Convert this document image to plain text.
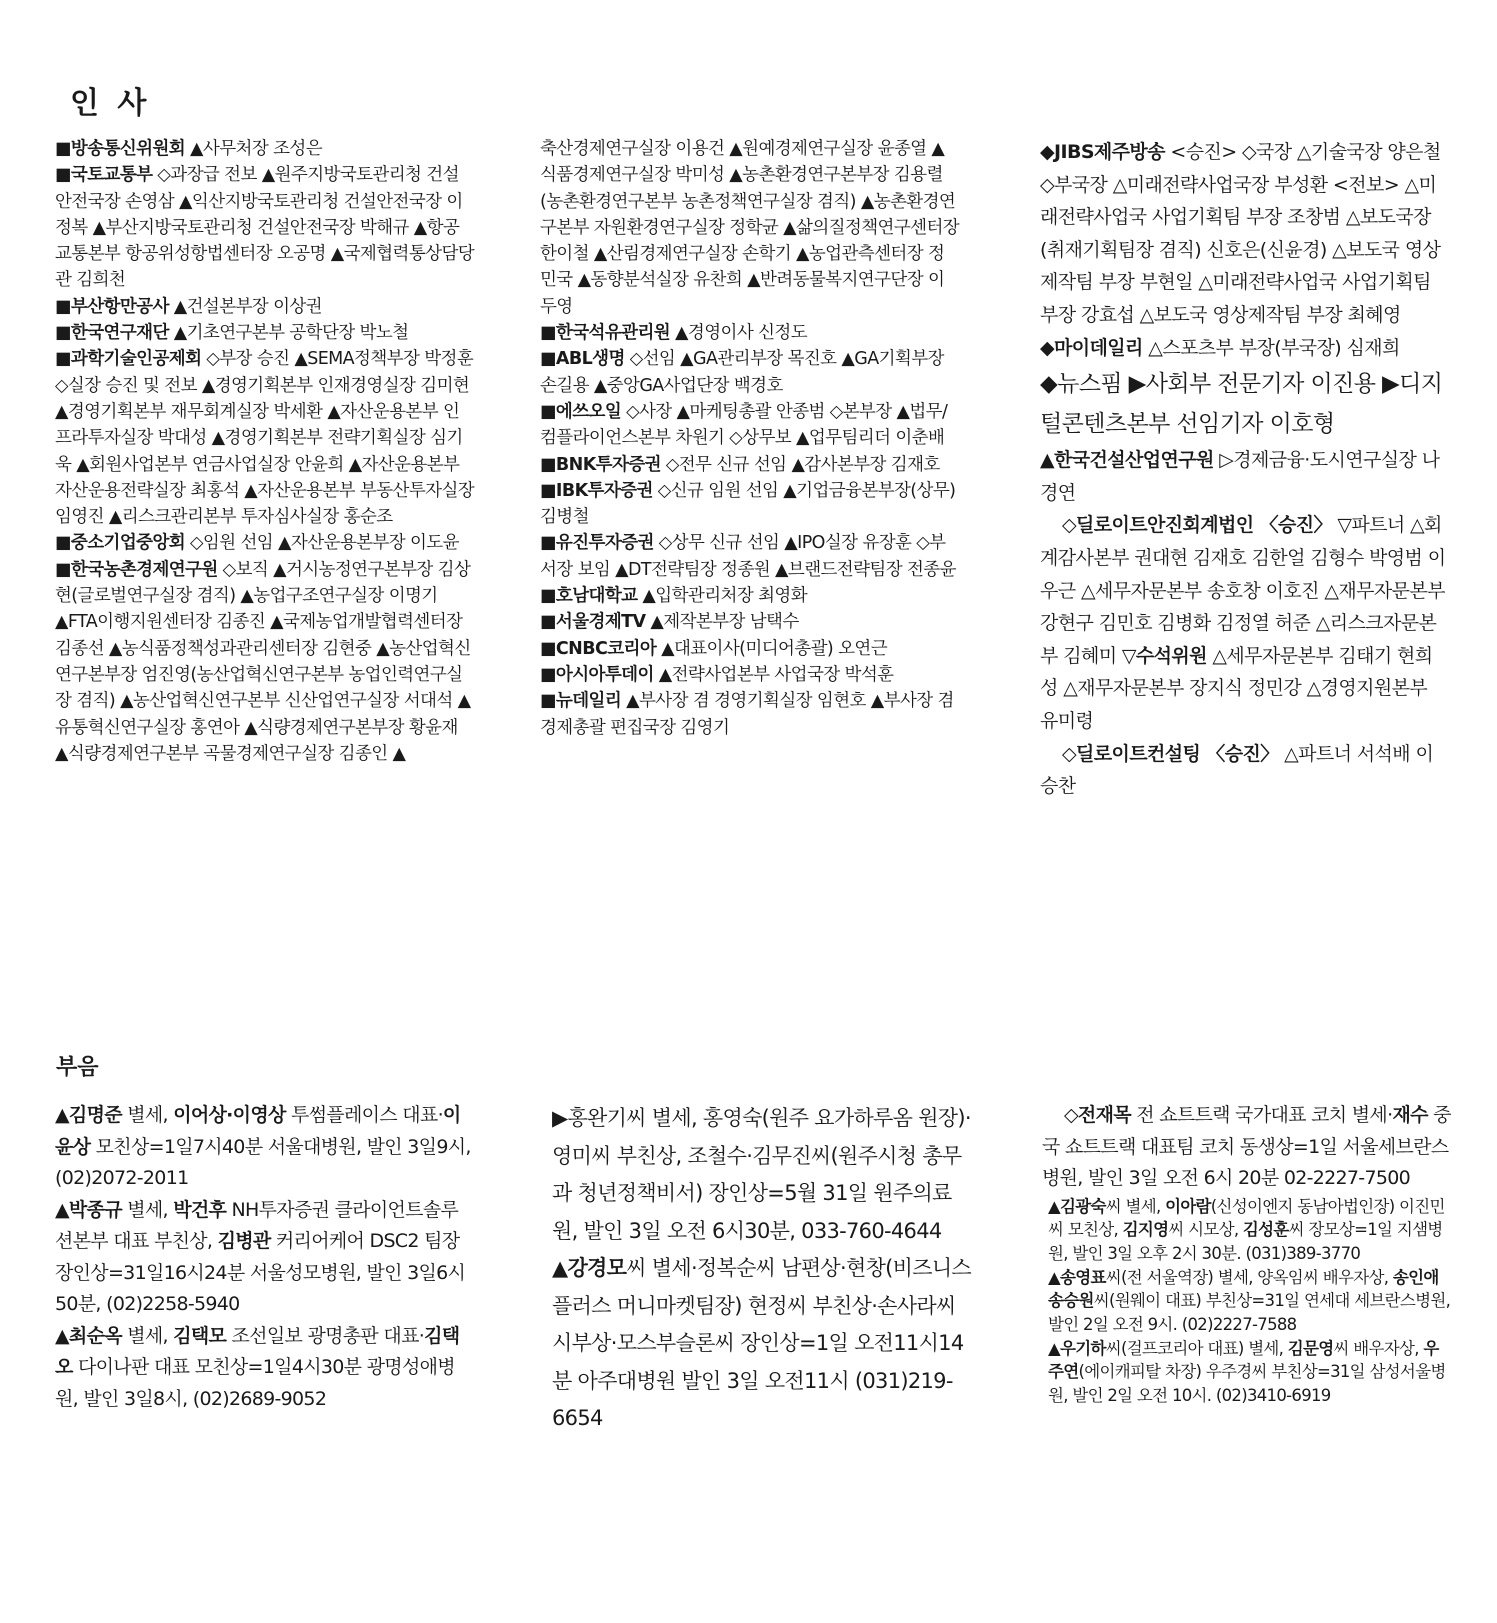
인 사

■방송통신위원회 ▲사무처장 조성은

■국토교통부 ◇과장급 전보 ▲원주지방국토관리청 건설안전국장 손영삼 ▲익산지방국토관리청 건설안전국장 이정복 ▲부산지방국토관리청 건설안전국장 박해규 ▲항공교통본부 항공위성항법센터장 오공명 ▲국제협력통상담당관 김희천

■부산항만공사 ▲건설본부장 이상권

■한국연구재단 ▲기초연구본부 공학단장 박노철

■과학기술인공제회 ◇부장 승진 ▲SEMA정책부장 박정훈 ◇실장 승진 및 전보 ▲경영기획본부 인재경영실장 김미현 ▲경영기획본부 재무회계실장 박세환 ▲자산운용본부 인프라투자실장 박대성 ▲경영기획본부 전략기획실장 심기욱 ▲회원사업본부 연금사업실장 안윤희 ▲자산운용본부 자산운용전략실장 최홍석 ▲자산운용본부 부동산투자실장 임영진 ▲리스크관리본부 투자심사실장 홍순조

■중소기업중앙회 ◇임원 선임 ▲자산운용본부장 이도윤

■한국농촌경제연구원 ◇보직 ▲거시농정연구본부장 김상현(글로벌연구실장 겸직) ▲농업구조연구실장 이명기 ▲FTA이행지원센터장 김종진 ▲국제농업개발협력센터장 김종선 ▲농식품정책성과관리센터장 김현중 ▲농산업혁신연구본부장 엄진영(농산업혁신연구본부 농업인력연구실장 겸직) ▲농산업혁신연구본부 신산업연구실장 서대석 ▲유통혁신연구실장 홍연아 ▲식량경제연구본부장 황윤재 ▲식량경제연구본부 곡물경제연구실장 김종인 ▲

축산경제연구실장 이용건 ▲원예경제연구실장 윤종열 ▲식품경제연구실장 박미성 ▲농촌환경연구본부장 김용렬(농촌환경연구본부 농촌정책연구실장 겸직) ▲농촌환경연구본부 자원환경연구실장 정학균 ▲삶의질정책연구센터장 한이철 ▲산림경제연구실장 손학기 ▲농업관측센터장 정민국 ▲동향분석실장 유찬희 ▲반려동물복지연구단장 이두영

■한국석유관리원 ▲경영이사 신정도

■ABL생명 ◇선임 ▲GA관리부장 목진호 ▲GA기획부장 손길용 ▲중앙GA사업단장 백경호

■에쓰오일 ◇사장 ▲마케팅총괄 안종범 ◇본부장 ▲법무/컴플라이언스본부 차원기 ◇상무보 ▲업무팀리더 이춘배

■BNK투자증권 ◇전무 신규 선임 ▲감사본부장 김재호

■IBK투자증권 ◇신규 임원 선임 ▲기업금융본부장(상무) 김병철

■유진투자증권 ◇상무 신규 선임 ▲IPO실장 유장훈 ◇부서장 보임 ▲DT전략팀장 정종원 ▲브랜드전략팀장 전종윤

■호남대학교 ▲입학관리처장 최영화

■서울경제TV ▲제작본부장 남택수

■CNBC코리아 ▲대표이사(미디어총괄) 오연근

■아시아투데이 ▲전략사업본부 사업국장 박석훈

■뉴데일리 ▲부사장 겸 경영기획실장 임현호 ▲부사장 겸 경제총괄 편집국장 김영기

◆JIBS제주방송 <승진> ◇국장 △기술국장 양은철 ◇부국장 △미래전략사업국장 부성환 <전보> △미래전략사업국 사업기획팀 부장 조창범 △보도국장(취재기획팀장 겸직) 신호은(신윤경) △보도국 영상제작팀 부장 부현일 △미래전략사업국 사업기획팀 부장 강효섭 △보도국 영상제작팀 부장 최혜영

◆마이데일리 △스포츠부 부장(부국장) 심재희

◆뉴스핌 ▶사회부 전문기자 이진용 ▶디지털콘텐츠본부 선임기자 이호형

▲한국건설산업연구원 ▷경제금융·도시연구실장 나경연

◇딜로이트안진회계법인 〈승진〉 ▽파트너 △회계감사본부 권대현 김재호 김한얼 김형수 박영범 이우근 △세무자문본부 송호창 이호진 △재무자문본부 강현구 김민호 김병화 김정열 허준 △리스크자문본부 김혜미 ▽수석위원 △세무자문본부 김태기 현희성 △재무자문본부 장지식 정민강 △경영지원본부 유미령

◇딜로이트컨설팅 〈승진〉 △파트너 서석배 이승찬

부음

▲김명준 별세, 이어상·이영상 투썸플레이스 대표·이윤상 모친상=1일7시40분 서울대병원, 발인 3일9시, (02)2072-2011

▲박종규 별세, 박건후 NH투자증권 클라이언트솔루션본부 대표 부친상, 김병관 커리어케어 DSC2 팀장 장인상=31일16시24분 서울성모병원, 발인 3일6시50분, (02)2258-5940

▲최순옥 별세, 김택모 조선일보 광명총판 대표·김택오 다이나판 대표 모친상=1일4시30분 광명성애병원, 발인 3일8시, (02)2689-9052

▶홍완기씨 별세, 홍영숙(원주 요가하루옴 원장)·영미씨 부친상, 조철수·김무진씨(원주시청 총무과 청년정책비서) 장인상=5월 31일 원주의료원, 발인 3일 오전 6시30분, 033-760-4644

▲강경모씨 별세·정복순씨 남편상·현창(비즈니스플러스 머니마켓팀장) 현정씨 부친상·손사라씨 시부상·모스부슬론씨 장인상=1일 오전11시14분 아주대병원 발인 3일 오전11시 (031)219-6654

◇전재목 전 쇼트트랙 국가대표 코치 별세·재수 중국 쇼트트랙 대표팀 코치 동생상=1일 서울세브란스병원, 발인 3일 오전 6시 20분 02-2227-7500

▲김광숙씨 별세, 이아람(신성이엔지 동남아법인장) 이진민씨 모친상, 김지영씨 시모상, 김성훈씨 장모상=1일 지샘병원, 발인 3일 오후 2시 30분. (031)389-3770

▲송영표씨(전 서울역장) 별세, 양옥임씨 배우자상, 송인애 송승원씨(원웨이 대표) 부친상=31일 연세대 세브란스병원, 발인 2일 오전 9시. (02)2227-7588

▲우기하씨(걸프코리아 대표) 별세, 김문영씨 배우자상, 우주연(에이캐피탈 차장) 우주경씨 부친상=31일 삼성서울병원, 발인 2일 오전 10시. (02)3410-6919
